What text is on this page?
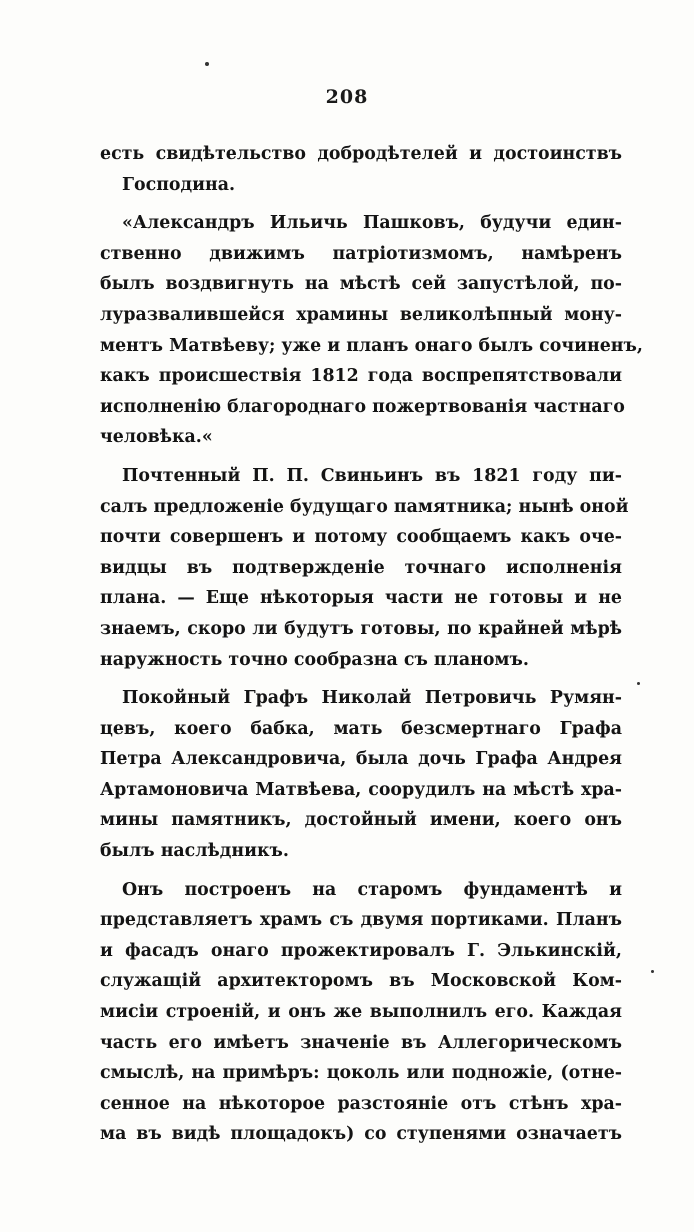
208

есть свидѣтельство добродѣтелей и достоинствъ
Господина.

«Александръ Ильичь Пашковъ, будучи един-
ственно движимъ патріотизмомъ, намѣренъ
былъ воздвигнуть на мѣстѣ сей запустѣлой, по-
луразвалившейся храмины великолѣпный мону-
ментъ Матвѣеву; уже и планъ онаго былъ сочиненъ,
какъ происшествія 1812 года воспрепятствовали
исполненію благороднаго пожертвованія частнаго
человѣка.«

Почтенный П. П. Свиньинъ въ 1821 году пи-
салъ предложеніе будущаго памятника; нынѣ оной
почти совершенъ и потому сообщаемъ какъ оче-
видцы въ подтвержденіе точнаго исполненія
плана. — Еще нѣкоторыя части не готовы и не
знаемъ, скоро ли будутъ готовы, по крайней мѣрѣ
наружность точно сообразна съ планомъ.

Покойный Графъ Николай Петровичь Румян-
цевъ, коего бабка, мать безсмертнаго Графа
Петра Александровича, была дочь Графа Андрея
Артамоновича Матвѣева, соорудилъ на мѣстѣ хра-
мины памятникъ, достойный имени, коего онъ
былъ наслѣдникъ.

Онъ построенъ на старомъ фундаментѣ и
представляетъ храмъ съ двумя портиками. Планъ
и фасадъ онаго прожектировалъ Г. Элькинскій,
служащій архитекторомъ въ Московской Ком-
мисіи строеній, и онъ же выполнилъ его. Каждая
часть его имѣетъ значеніе въ Аллегорическомъ
смыслѣ, на примѣръ: цоколь или подножіе, (отне-
сенное на нѣкоторое разстояніе отъ стѣнъ хра-
ма въ видѣ площадокъ) со ступенями означаетъ
